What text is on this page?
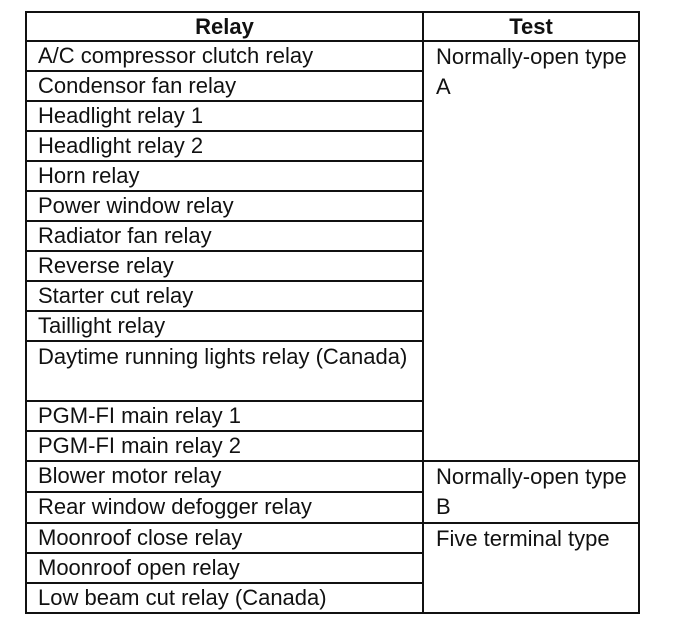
Relay	Test
A/C compressor clutch relay	Normally-open type A
Condensor fan relay	
Headlight relay 1	
Headlight relay 2	
Horn relay	
Power window relay	
Radiator fan relay	
Reverse relay	
Starter cut relay	
Taillight relay	
Daytime running lights relay (Canada)	
PGM-FI main relay 1	
PGM-FI main relay 2	
Blower motor relay	Normally-open type B
Rear window defogger relay	
Moonroof close relay	Five terminal type
Moonroof open relay	
Low beam cut relay (Canada)	
